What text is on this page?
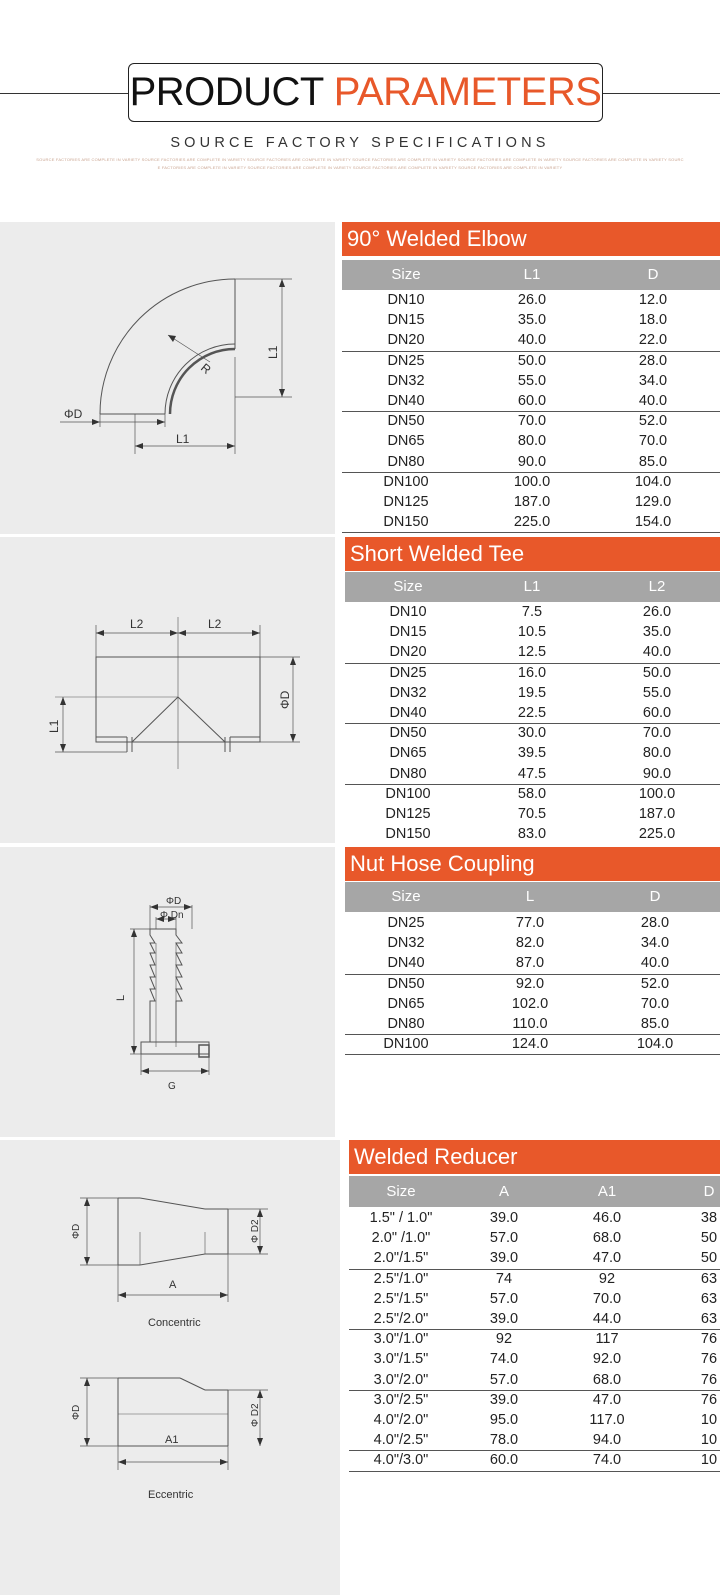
PRODUCT PARAMETERS
SOURCE FACTORY SPECIFICATIONS
SOURCE FACTORIES ARE COMPLETE IN VARIETY SOURCE FACTORIES ARE COMPLETE IN VARIETY SOURCE FACTORIES ARE COMPLETE IN VARIETY SOURCE FACTORIES ARE COMPLETE IN VARIETY SOURCE FACTORIES ARE COMPLETE IN VARIETY SOURCE FACTORIES ARE COMPLETE IN VARIETY SOURC
E FACTORIES ARE COMPLETE IN VARIETY SOURCE FACTORIES ARE COMPLETE IN VARIETY SOURCE FACTORIES ARE COMPLETE IN VARIETY SOURCE FACTORIES ARE COMPLETE IN VARIETY
R
L1
L1
ΦD
90° Welded Elbow
Size	L1	D
DN10	26.0	12.0
DN15	35.0	18.0
DN20	40.0	22.0
DN25	50.0	28.0
DN32	55.0	34.0
DN40	60.0	40.0
DN50	70.0	52.0
DN65	80.0	70.0
DN80	90.0	85.0
DN100	100.0	104.0
DN125	187.0	129.0
DN150	225.0	154.0
L2	L2
L1
ΦD
Short Welded Tee
Size	L1	L2
DN10	7.5	26.0
DN15	10.5	35.0
DN20	12.5	40.0
DN25	16.0	50.0
DN32	19.5	55.0
DN40	22.5	60.0
DN50	30.0	70.0
DN65	39.5	80.0
DN80	47.5	90.0
DN100	58.0	100.0
DN125	70.5	187.0
DN150	83.0	225.0
ΦD
Φ Dn
L
G
Nut Hose Coupling
Size	L	D
DN25	77.0	28.0
DN32	82.0	34.0
DN40	87.0	40.0
DN50	92.0	52.0
DN65	102.0	70.0
DN80	110.0	85.0
DN100	124.0	104.0
ΦD	Φ D2
A
Concentric
ΦD	Φ D2
A1
Eccentric
Welded Reducer
Size	A	A1	D
1.5" / 1.0"	39.0	46.0	38
2.0" /1.0"	57.0	68.0	50
2.0"/1.5"	39.0	47.0	50
2.5"/1.0"	74	92	63
2.5"/1.5"	57.0	70.0	63
2.5"/2.0"	39.0	44.0	63
3.0"/1.0"	92	117	76
3.0"/1.5"	74.0	92.0	76
3.0"/2.0"	57.0	68.0	76
3.0"/2.5"	39.0	47.0	76
4.0"/2.0"	95.0	117.0	10
4.0"/2.5"	78.0	94.0	10
4.0"/3.0"	60.0	74.0	10
